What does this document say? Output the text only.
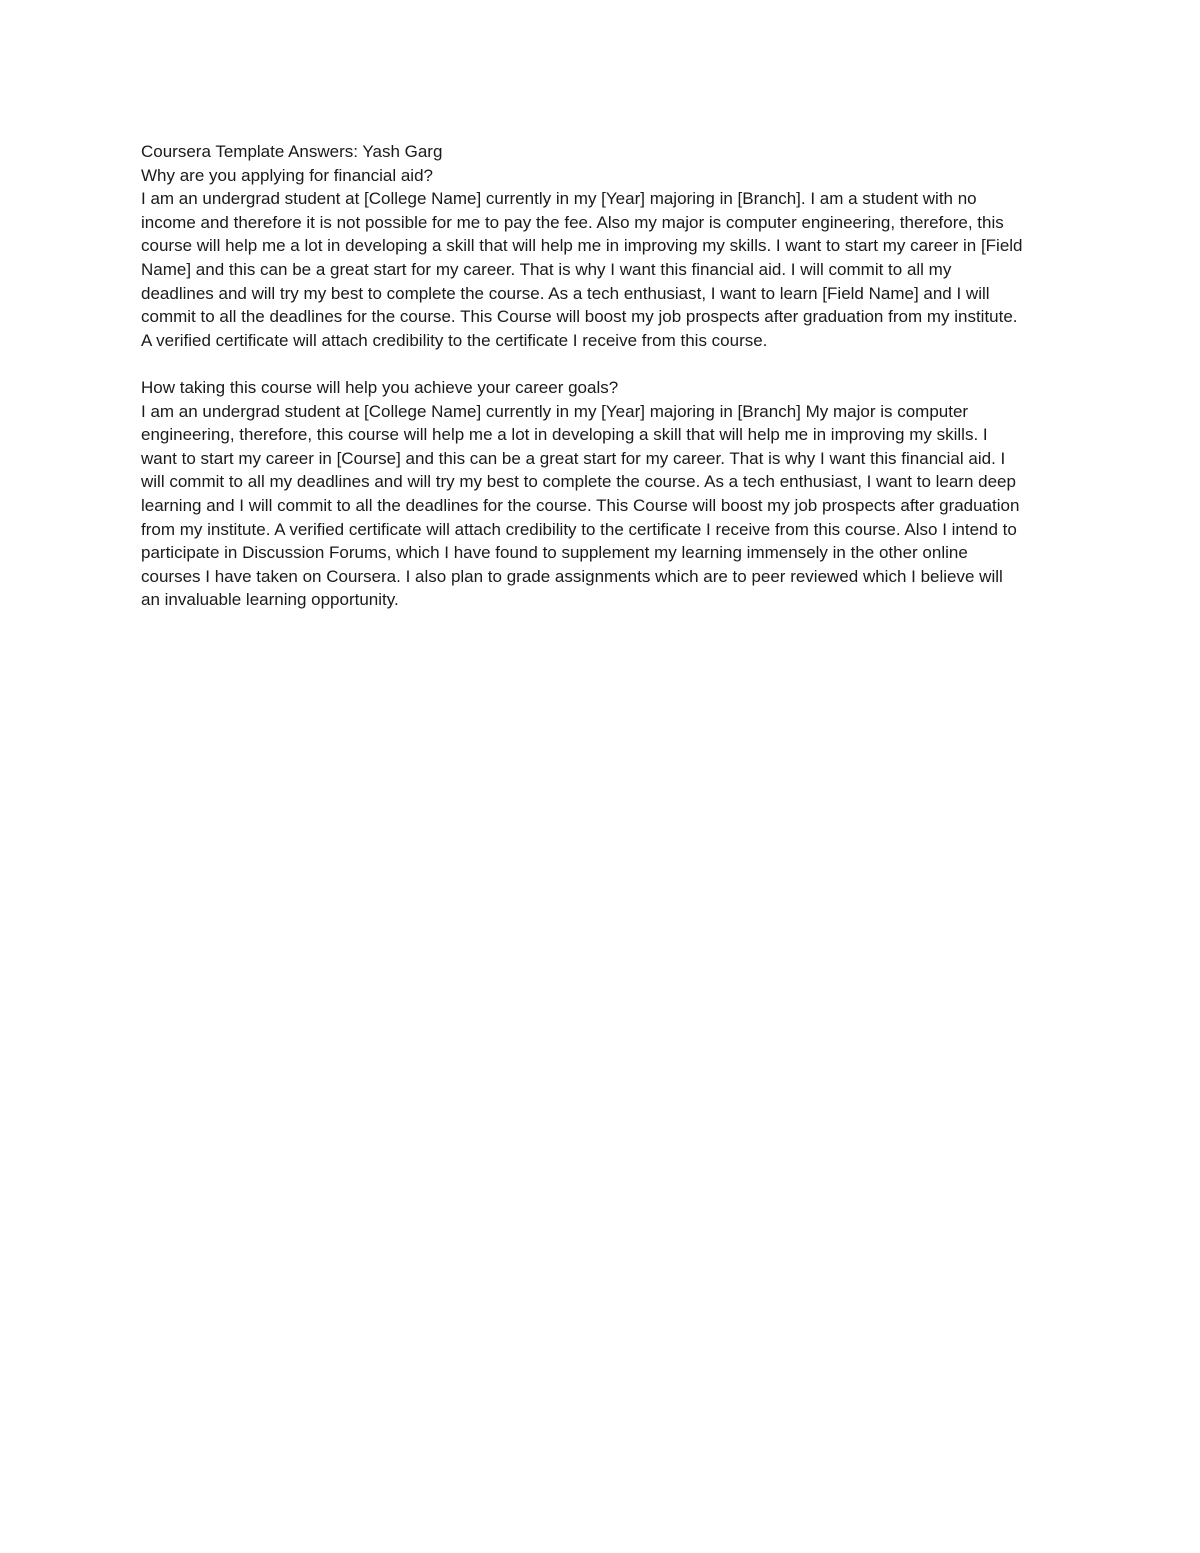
Coursera Template Answers: Yash Garg

Why are you applying for financial aid?

I am an undergrad student at [College Name] currently in my [Year] majoring in [Branch]. I am a student with no

income and therefore it is not possible for me to pay the fee. Also my major is computer engineering, therefore, this

course will help me a lot in developing a skill that will help me in improving my skills. I want to start my career in [Field

Name] and this can be a great start for my career. That is why I want this financial aid. I will commit to all my

deadlines and will try my best to complete the course. As a tech enthusiast, I want to learn [Field Name] and I will

commit to all the deadlines for the course. This Course will boost my job prospects after graduation from my institute.

A verified certificate will attach credibility to the certificate I receive from this course.

How taking this course will help you achieve your career goals?

I am an undergrad student at [College Name] currently in my [Year] majoring in [Branch] My major is computer

engineering, therefore, this course will help me a lot in developing a skill that will help me in improving my skills. I

want to start my career in [Course] and this can be a great start for my career. That is why I want this financial aid. I

will commit to all my deadlines and will try my best to complete the course. As a tech enthusiast, I want to learn deep

learning and I will commit to all the deadlines for the course. This Course will boost my job prospects after graduation

from my institute. A verified certificate will attach credibility to the certificate I receive from this course. Also I intend to

participate in Discussion Forums, which I have found to supplement my learning immensely in the other online

courses I have taken on Coursera. I also plan to grade assignments which are to peer reviewed which I believe will

an invaluable learning opportunity.
